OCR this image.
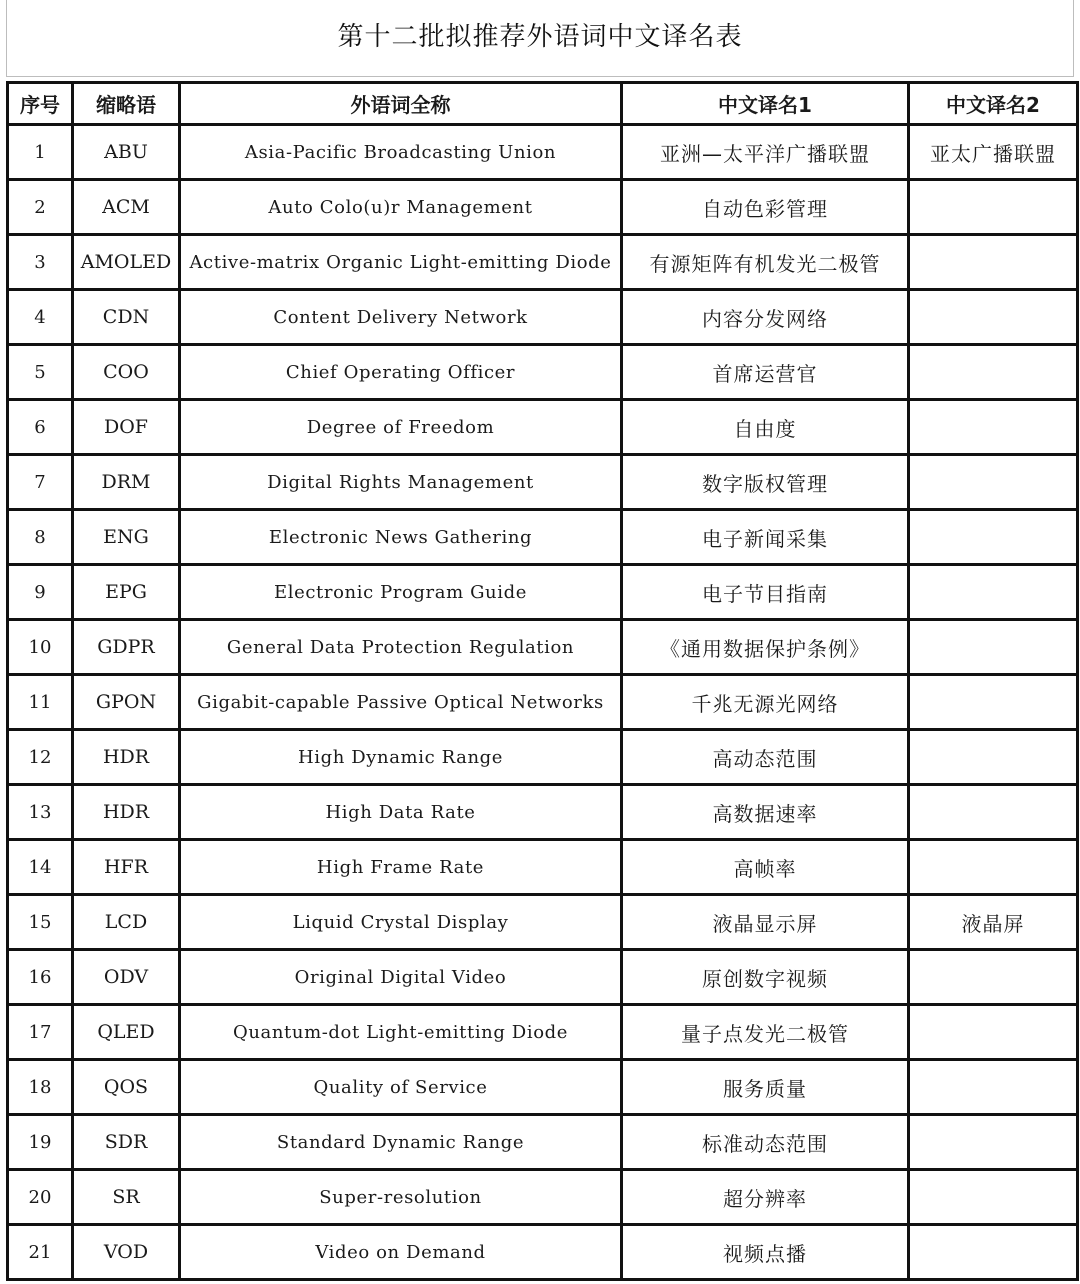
第十二批拟推荐外语词中文译名表
序号	缩略语	外语词全称	中文译名1	中文译名2
1	ABU	Asia-Pacific Broadcasting Union	亚洲—太平洋广播联盟	亚太广播联盟
2	ACM	Auto Colo(u)r Management	自动色彩管理	
3	AMOLED	Active-matrix Organic Light-emitting Diode	有源矩阵有机发光二极管	
4	CDN	Content Delivery Network	内容分发网络	
5	COO	Chief Operating Officer	首席运营官	
6	DOF	Degree of Freedom	自由度	
7	DRM	Digital Rights Management	数字版权管理	
8	ENG	Electronic News Gathering	电子新闻采集	
9	EPG	Electronic Program Guide	电子节目指南	
10	GDPR	General Data Protection Regulation	《通用数据保护条例》	
11	GPON	Gigabit-capable Passive Optical Networks	千兆无源光网络	
12	HDR	High Dynamic Range	高动态范围	
13	HDR	High Data Rate	高数据速率	
14	HFR	High Frame Rate	高帧率	
15	LCD	Liquid Crystal Display	液晶显示屏	液晶屏
16	ODV	Original Digital Video	原创数字视频	
17	QLED	Quantum-dot Light-emitting Diode	量子点发光二极管	
18	QOS	Quality of Service	服务质量	
19	SDR	Standard Dynamic Range	标准动态范围	
20	SR	Super-resolution	超分辨率	
21	VOD	Video on Demand	视频点播	
